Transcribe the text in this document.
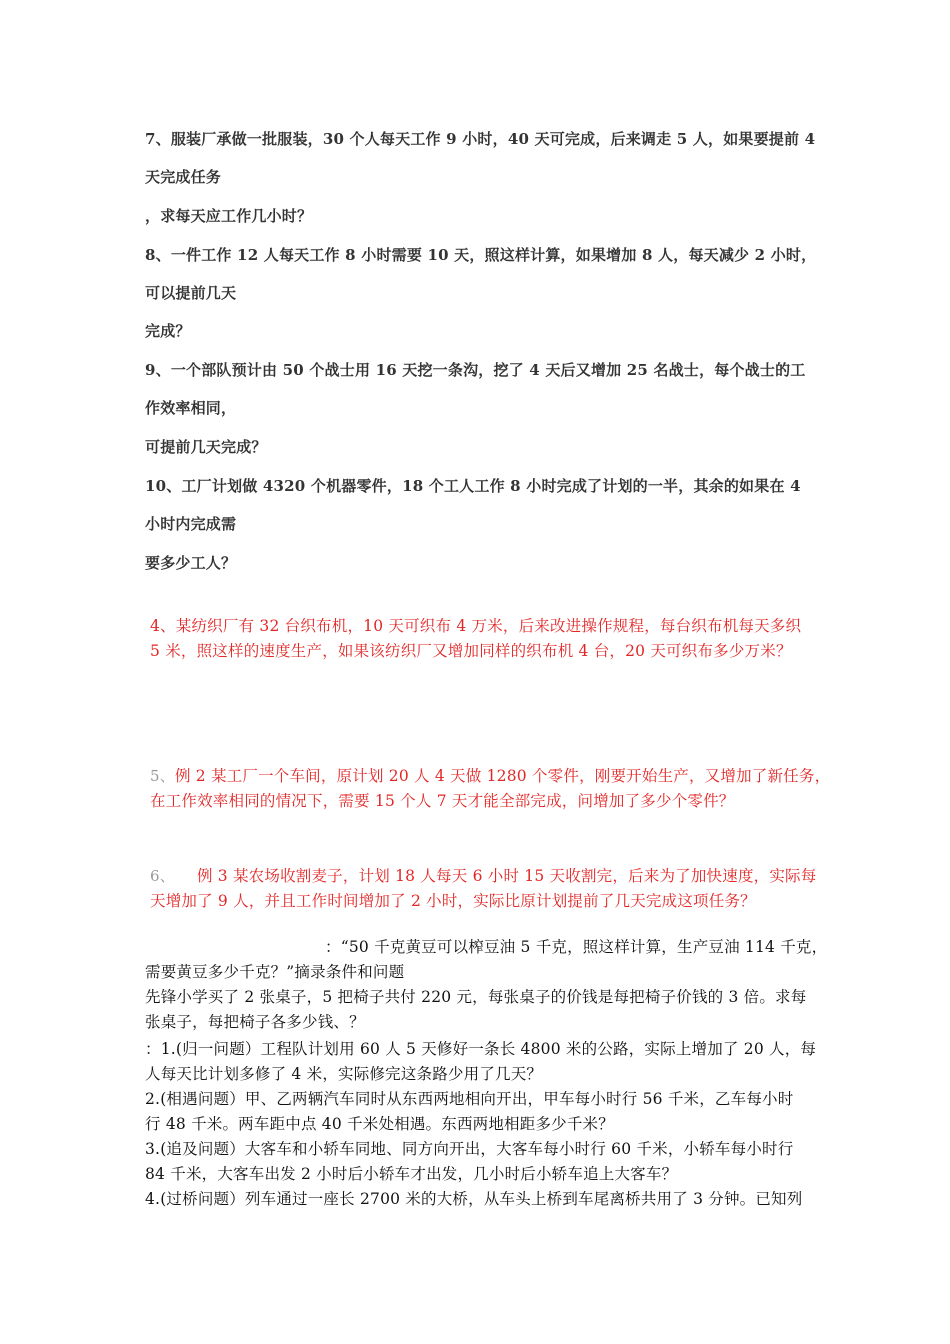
7、服装厂承做一批服装，30 个人每天工作 9 小时，40 天可完成，后来调走 5 人，如果要提前 4

天完成任务

，求每天应工作几小时？

8、一件工作 12 人每天工作 8 小时需要 10 天，照这样计算，如果增加 8 人，每天减少 2 小时，

可以提前几天

完成？

9、一个部队预计由 50 个战士用 16 天挖一条沟，挖了 4 天后又增加 25 名战士，每个战士的工

作效率相同，

可提前几天完成？

10、工厂计划做 4320 个机器零件，18 个工人工作 8 小时完成了计划的一半，其余的如果在 4

小时内完成需

要多少工人？

4、某纺织厂有 32 台织布机，10 天可织布 4 万米，后来改进操作规程，每台织布机每天多织

5 米，照这样的速度生产，如果该纺织厂又增加同样的织布机 4 台，20 天可织布多少万米？

5、例 2 某工厂一个车间，原计划 20 人 4 天做 1280 个零件，刚要开始生产，又增加了新任务，

在工作效率相同的情况下，需要 15 个人 7 天才能全部完成，问增加了多少个零件？

6、 例 3 某农场收割麦子，计划 18 人每天 6 小时 15 天收割完，后来为了加快速度，实际每

天增加了 9 人，并且工作时间增加了 2 小时，实际比原计划提前了几天完成这项任务？

：“50 千克黄豆可以榨豆油 5 千克，照这样计算，生产豆油 114 千克，

需要黄豆多少千克？”摘录条件和问题

先锋小学买了 2 张桌子，5 把椅子共付 220 元，每张桌子的价钱是每把椅子价钱的 3 倍。求每

张桌子，每把椅子各多少钱、？

：1.(归一问题）工程队计划用 60 人 5 天修好一条长 4800 米的公路，实际上增加了 20 人，每

人每天比计划多修了 4 米，实际修完这条路少用了几天？

2.(相遇问题）甲、乙两辆汽车同时从东西两地相向开出，甲车每小时行 56 千米，乙车每小时

行 48 千米。两车距中点 40 千米处相遇。东西两地相距多少千米？

3.(追及问题）大客车和小轿车同地、同方向开出，大客车每小时行 60 千米，小轿车每小时行

84 千米，大客车出发 2 小时后小轿车才出发，几小时后小轿车追上大客车？

4.(过桥问题）列车通过一座长 2700 米的大桥，从车头上桥到车尾离桥共用了 3 分钟。已知列
